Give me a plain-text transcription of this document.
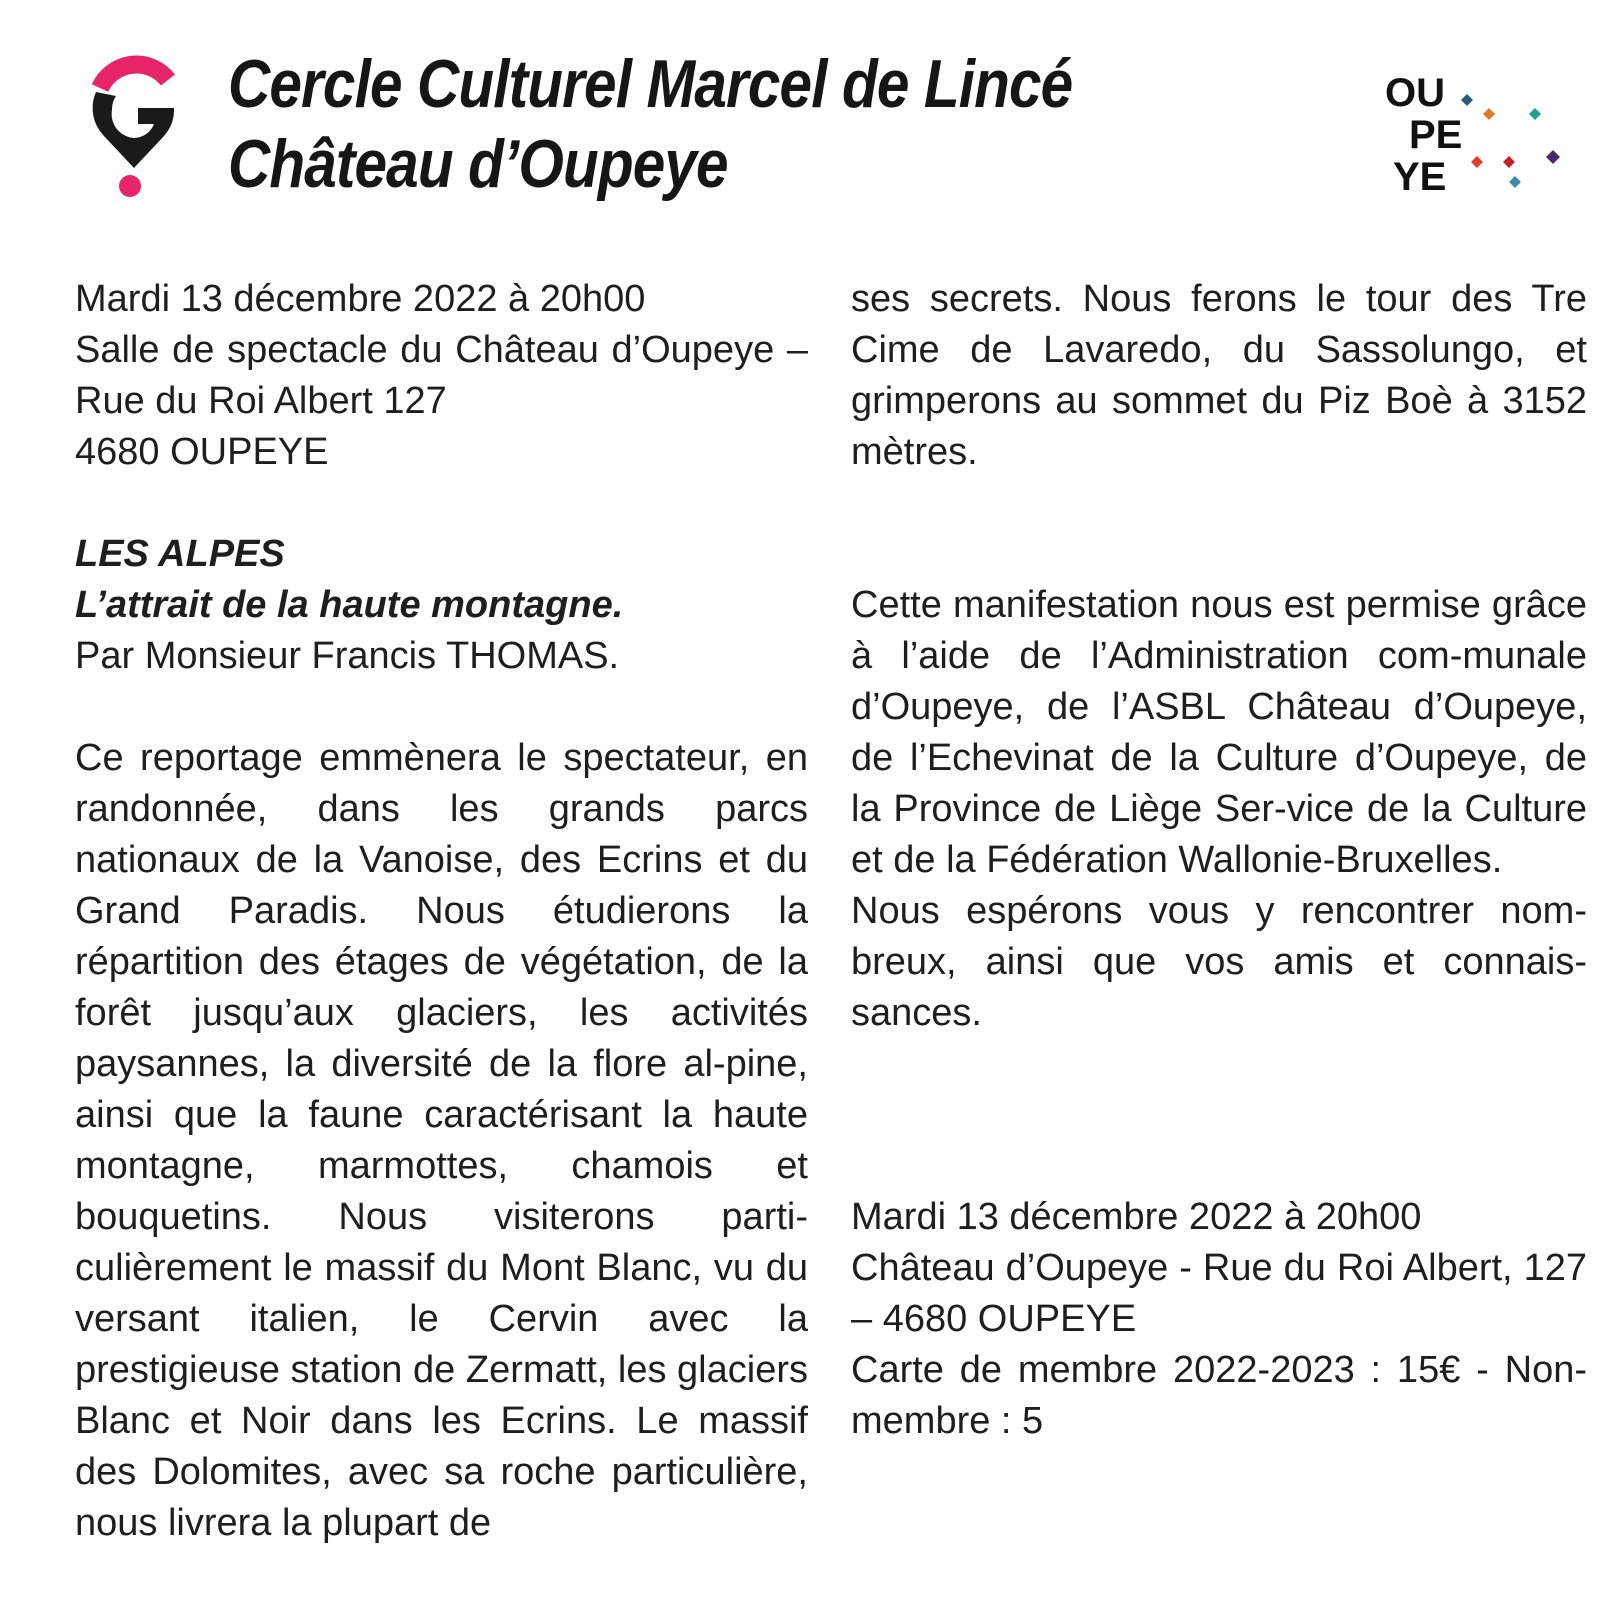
Cercle Culturel Marcel de Lincé
Château d’Oupeye
OU
PE
YE

Mardi 13 décembre 2022 à 20h00

Salle de spectacle du Château d’Oupeye – Rue du Roi Albert 127

4680 OUPEYE

LES ALPES

L’attrait de la haute montagne.

Par Monsieur Francis THOMAS.

Ce reportage emmènera le spectateur, en randonnée, dans les grands parcs nationaux de la Vanoise, des Ecrins et du Grand Paradis. Nous étudierons la répartition des étages de végétation, de la forêt jusqu’aux glaciers, les activités paysannes, la diversité de la flore al-pine, ainsi que la faune caractérisant la haute montagne, marmottes, chamois et bouquetins. Nous visiterons parti-culièrement le massif du Mont Blanc, vu du versant italien, le Cervin avec la prestigieuse station de Zermatt, les glaciers Blanc et Noir dans les Ecrins. Le massif des Dolomites, avec sa roche particulière, nous livrera la plupart de

ses secrets. Nous ferons le tour des Tre Cime de Lavaredo, du Sassolungo, et grimperons au sommet du Piz Boè à 3152 mètres.

Cette manifestation nous est permise grâce à l’aide de l’Administration com-munale d’Oupeye, de l’ASBL Château d’Oupeye, de l’Echevinat de la Culture d’Oupeye, de la Province de Liège Ser-vice de la Culture et de la Fédération Wallonie-Bruxelles.

Nous espérons vous y rencontrer nom-breux, ainsi que vos amis et connais-sances.

Mardi 13 décembre 2022 à 20h00

Château d’Oupeye - Rue du Roi Albert, 127 – 4680 OUPEYE

Carte de membre 2022-2023 : 15€ - Non-membre : 5
